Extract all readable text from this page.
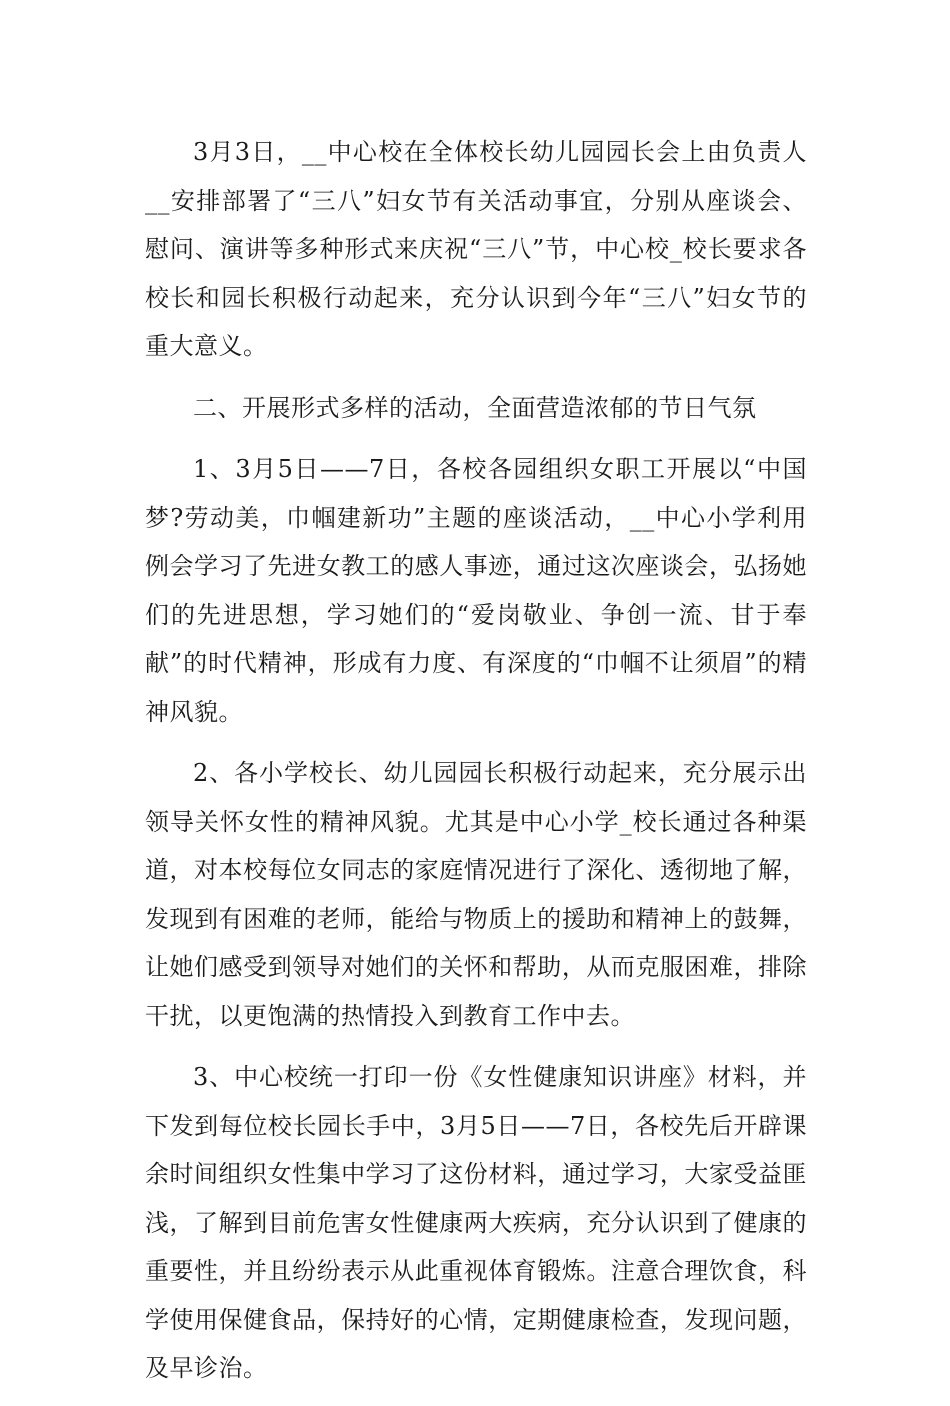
3月3日，__中心校在全体校长幼儿园园长会上由负责人__安排部署了“三八”妇女节有关活动事宜，分别从座谈会、慰问、演讲等多种形式来庆祝“三八”节，中心校_校长要求各校长和园长积极行动起来，充分认识到今年“三八”妇女节的重大意义。

二、开展形式多样的活动，全面营造浓郁的节日气氛

1、3月5日——7日，各校各园组织女职工开展以“中国梦?劳动美，巾帼建新功”主题的座谈活动，__中心小学利用例会学习了先进女教工的感人事迹，通过这次座谈会，弘扬她们的先进思想，学习她们的“爱岗敬业、争创一流、甘于奉献”的时代精神，形成有力度、有深度的“巾帼不让须眉”的精神风貌。

2、各小学校长、幼儿园园长积极行动起来，充分展示出领导关怀女性的精神风貌。尤其是中心小学_校长通过各种渠道，对本校每位女同志的家庭情况进行了深化、透彻地了解，发现到有困难的老师，能给与物质上的援助和精神上的鼓舞，让她们感受到领导对她们的关怀和帮助，从而克服困难，排除干扰，以更饱满的热情投入到教育工作中去。

3、中心校统一打印一份《女性健康知识讲座》材料，并下发到每位校长园长手中，3月5日——7日，各校先后开辟课余时间组织女性集中学习了这份材料，通过学习，大家受益匪浅，了解到目前危害女性健康两大疾病，充分认识到了健康的重要性，并且纷纷表示从此重视体育锻炼。注意合理饮食，科学使用保健食品，保持好的心情，定期健康检查，发现问题，及早诊治。
